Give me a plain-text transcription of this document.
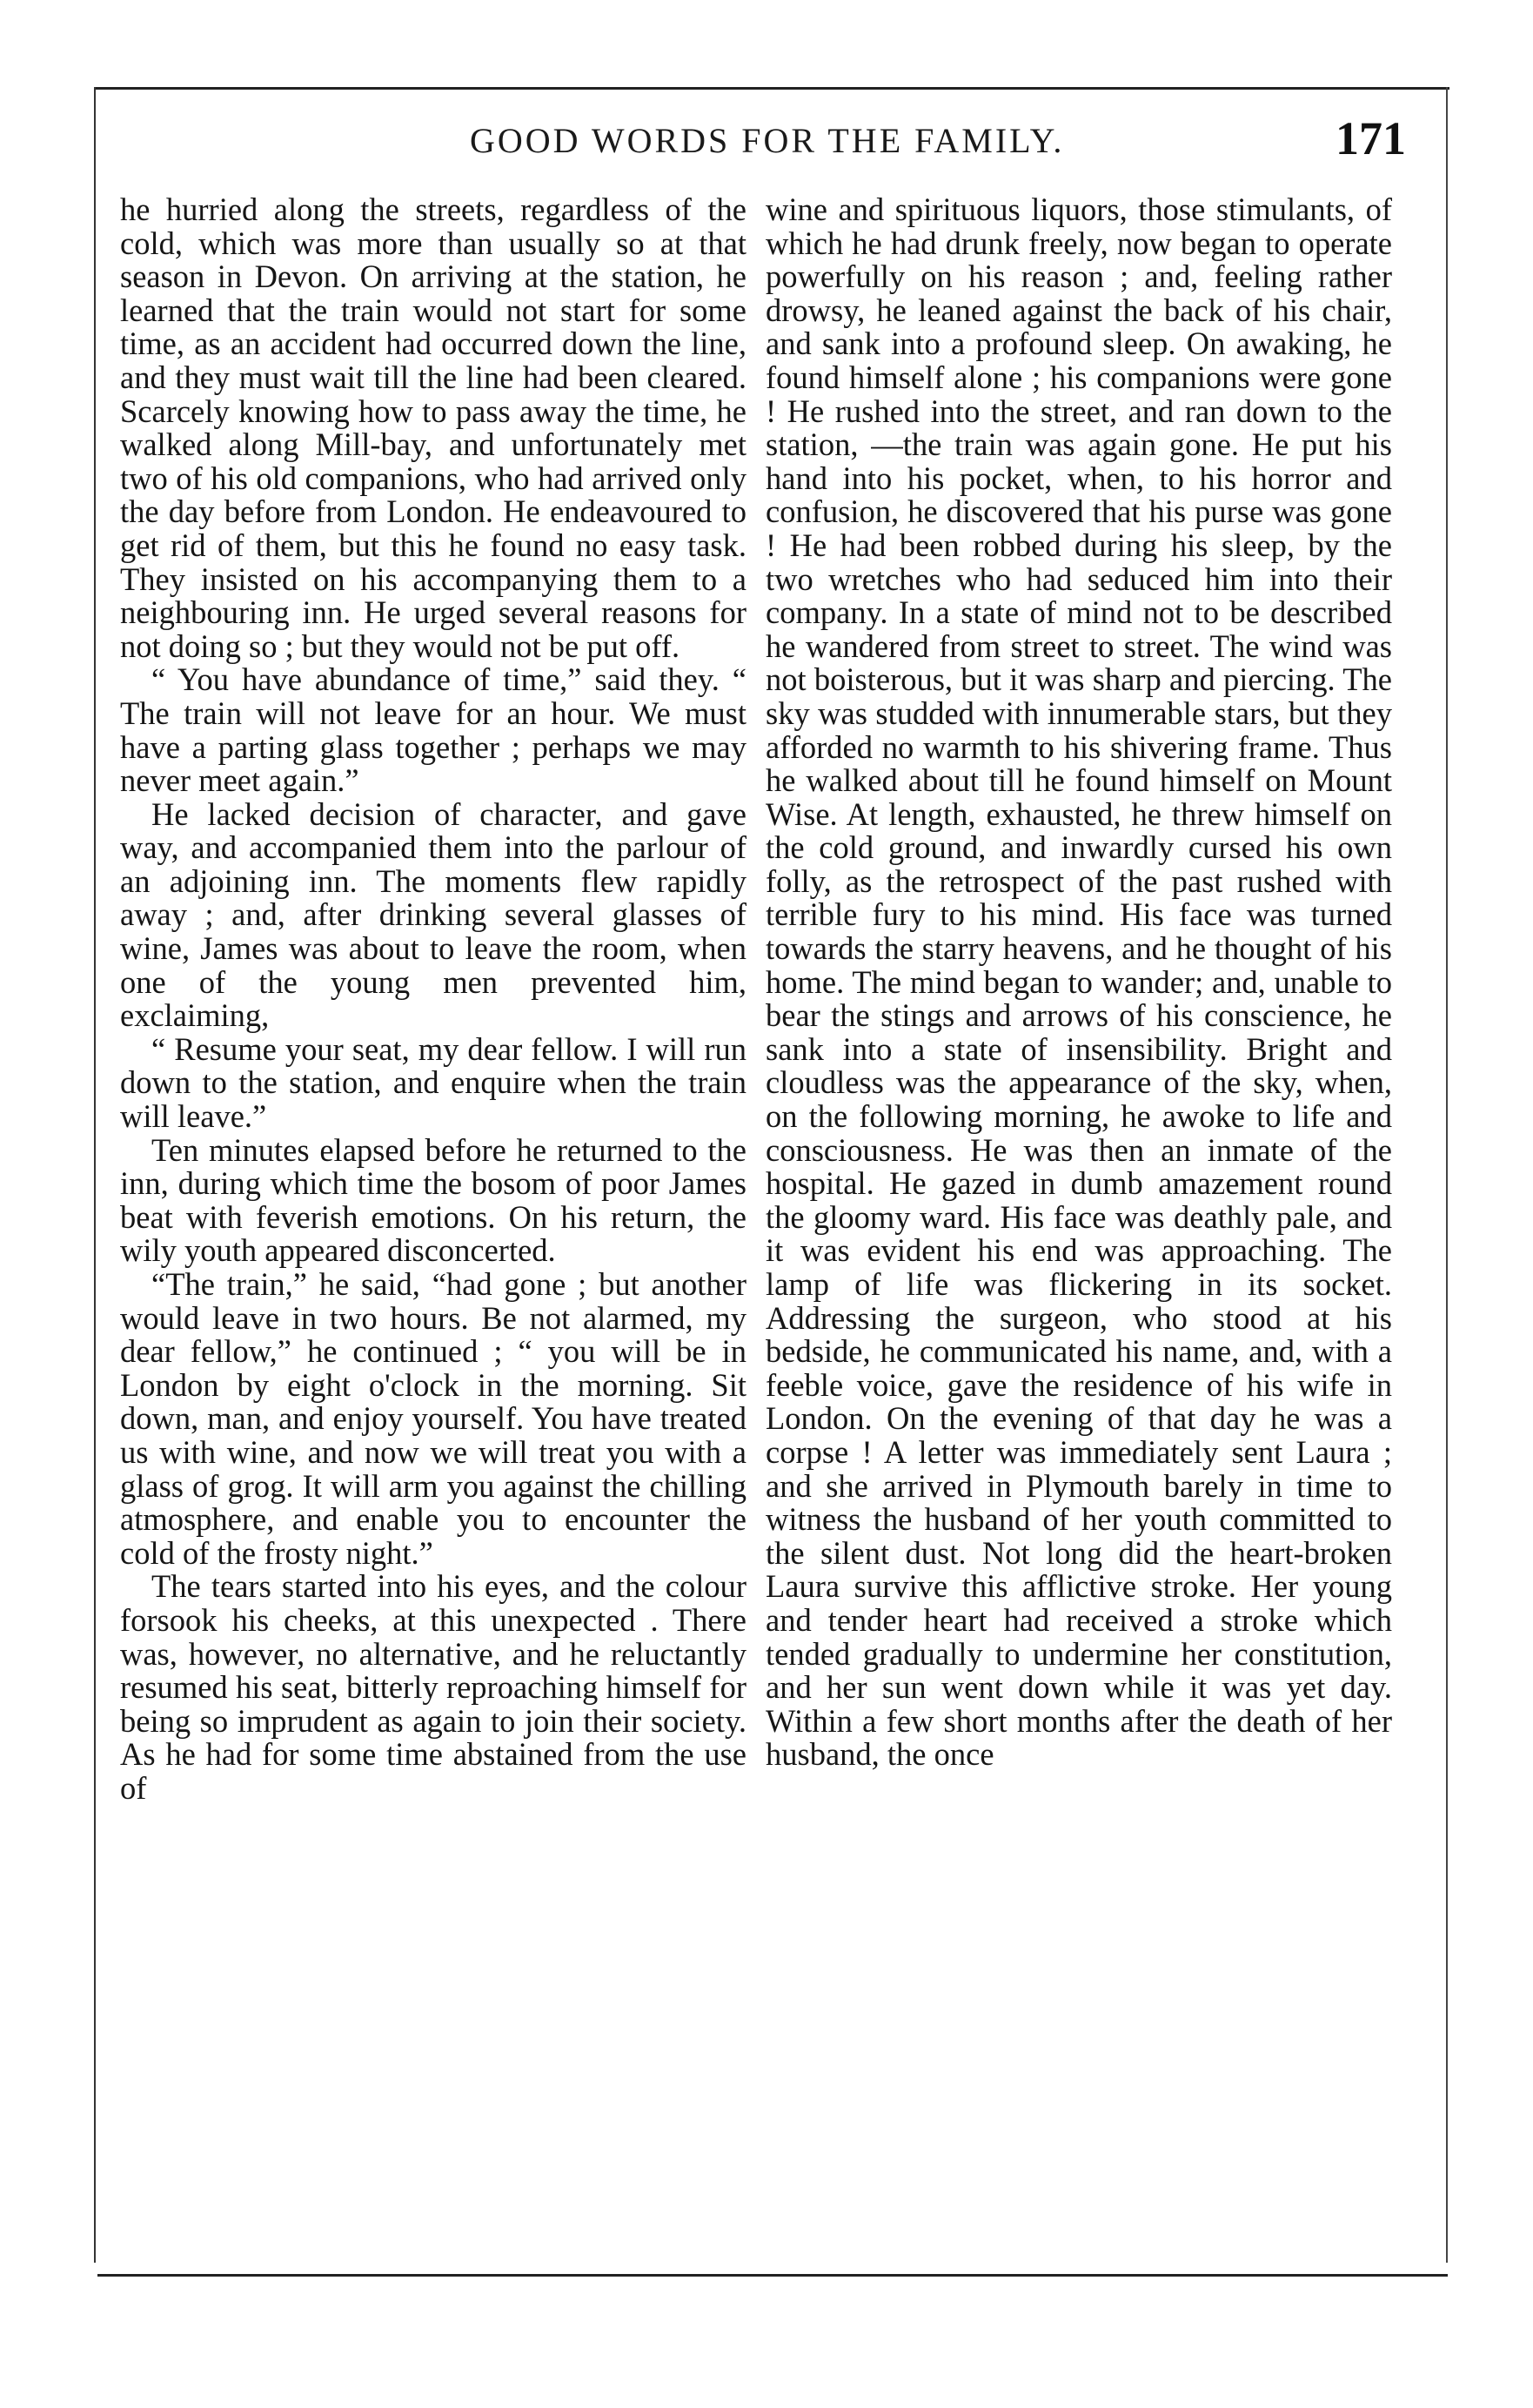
GOOD WORDS FOR THE FAMILY.	171

he hurried along the streets, regardless of the cold, which was more than usually so at that season in Devon. On arriving at the station, he learned that the train would not start for some time, as an accident had occurred down the line, and they must wait till the line had been cleared. Scarcely knowing how to pass away the time, he walked along Mill-bay, and unfortunately met two of his old companions, who had arrived only the day before from London. He endeavoured to get rid of them, but this he found no easy task. They insisted on his accompanying them to a neighbouring inn. He urged several reasons for not doing so ; but they would not be put off.

“ You have abundance of time,” said they. “ The train will not leave for an hour. We must have a parting glass together ; perhaps we may never meet again.”

He lacked decision of character, and gave way, and accompanied them into the parlour of an adjoining inn. The moments flew rapidly away ; and, after drinking several glasses of wine, James was about to leave the room, when one of the young men prevented him, exclaiming,

“ Resume your seat, my dear fellow. I will run down to the station, and enquire when the train will leave.”

Ten minutes elapsed before he returned to the inn, during which time the bosom of poor James beat with feverish emotions. On his return, the wily youth appeared disconcerted.

“The train,” he said, “had gone ; but another would leave in two hours. Be not alarmed, my dear fellow,” he continued ; “ you will be in London by eight o'clock in the morning. Sit down, man, and enjoy yourself. You have treated us with wine, and now we will treat you with a glass of grog. It will arm you against the chilling atmosphere, and enable you to encounter the cold of the frosty night.”

The tears started into his eyes, and the colour forsook his cheeks, at this unexpected . There was, however, no alternative, and he reluctantly resumed his seat, bitterly reproaching himself for being so imprudent as again to join their society. As he had for some time abstained from the use of

wine and spirituous liquors, those stimulants, of which he had drunk freely, now began to operate powerfully on his reason ; and, feeling rather drowsy, he leaned against the back of his chair, and sank into a profound sleep. On awaking, he found himself alone ; his companions were gone ! He rushed into the street, and ran down to the station, —the train was again gone. He put his hand into his pocket, when, to his horror and confusion, he discovered that his purse was gone ! He had been robbed during his sleep, by the two wretches who had seduced him into their company. In a state of mind not to be described he wandered from street to street. The wind was not boisterous, but it was sharp and piercing. The sky was studded with innumerable stars, but they afforded no warmth to his shivering frame. Thus he walked about till he found himself on Mount Wise. At length, exhausted, he threw himself on the cold ground, and inwardly cursed his own folly, as the retrospect of the past rushed with terrible fury to his mind. His face was turned towards the starry heavens, and he thought of his home. The mind began to wander; and, unable to bear the stings and arrows of his conscience, he sank into a state of insensibility. Bright and cloudless was the appearance of the sky, when, on the following morning, he awoke to life and consciousness. He was then an inmate of the hospital. He gazed in dumb amazement round the gloomy ward. His face was deathly pale, and it was evident his end was approaching. The lamp of life was flickering in its socket. Addressing the surgeon, who stood at his bedside, he communicated his name, and, with a feeble voice, gave the residence of his wife in London. On the evening of that day he was a corpse ! A letter was immediately sent Laura ; and she arrived in Plymouth barely in time to witness the husband of her youth committed to the silent dust. Not long did the heart-broken Laura survive this afflictive stroke. Her young and tender heart had received a stroke which tended gradually to undermine her constitution, and her sun went down while it was yet day. Within a few short months after the death of her husband, the once
